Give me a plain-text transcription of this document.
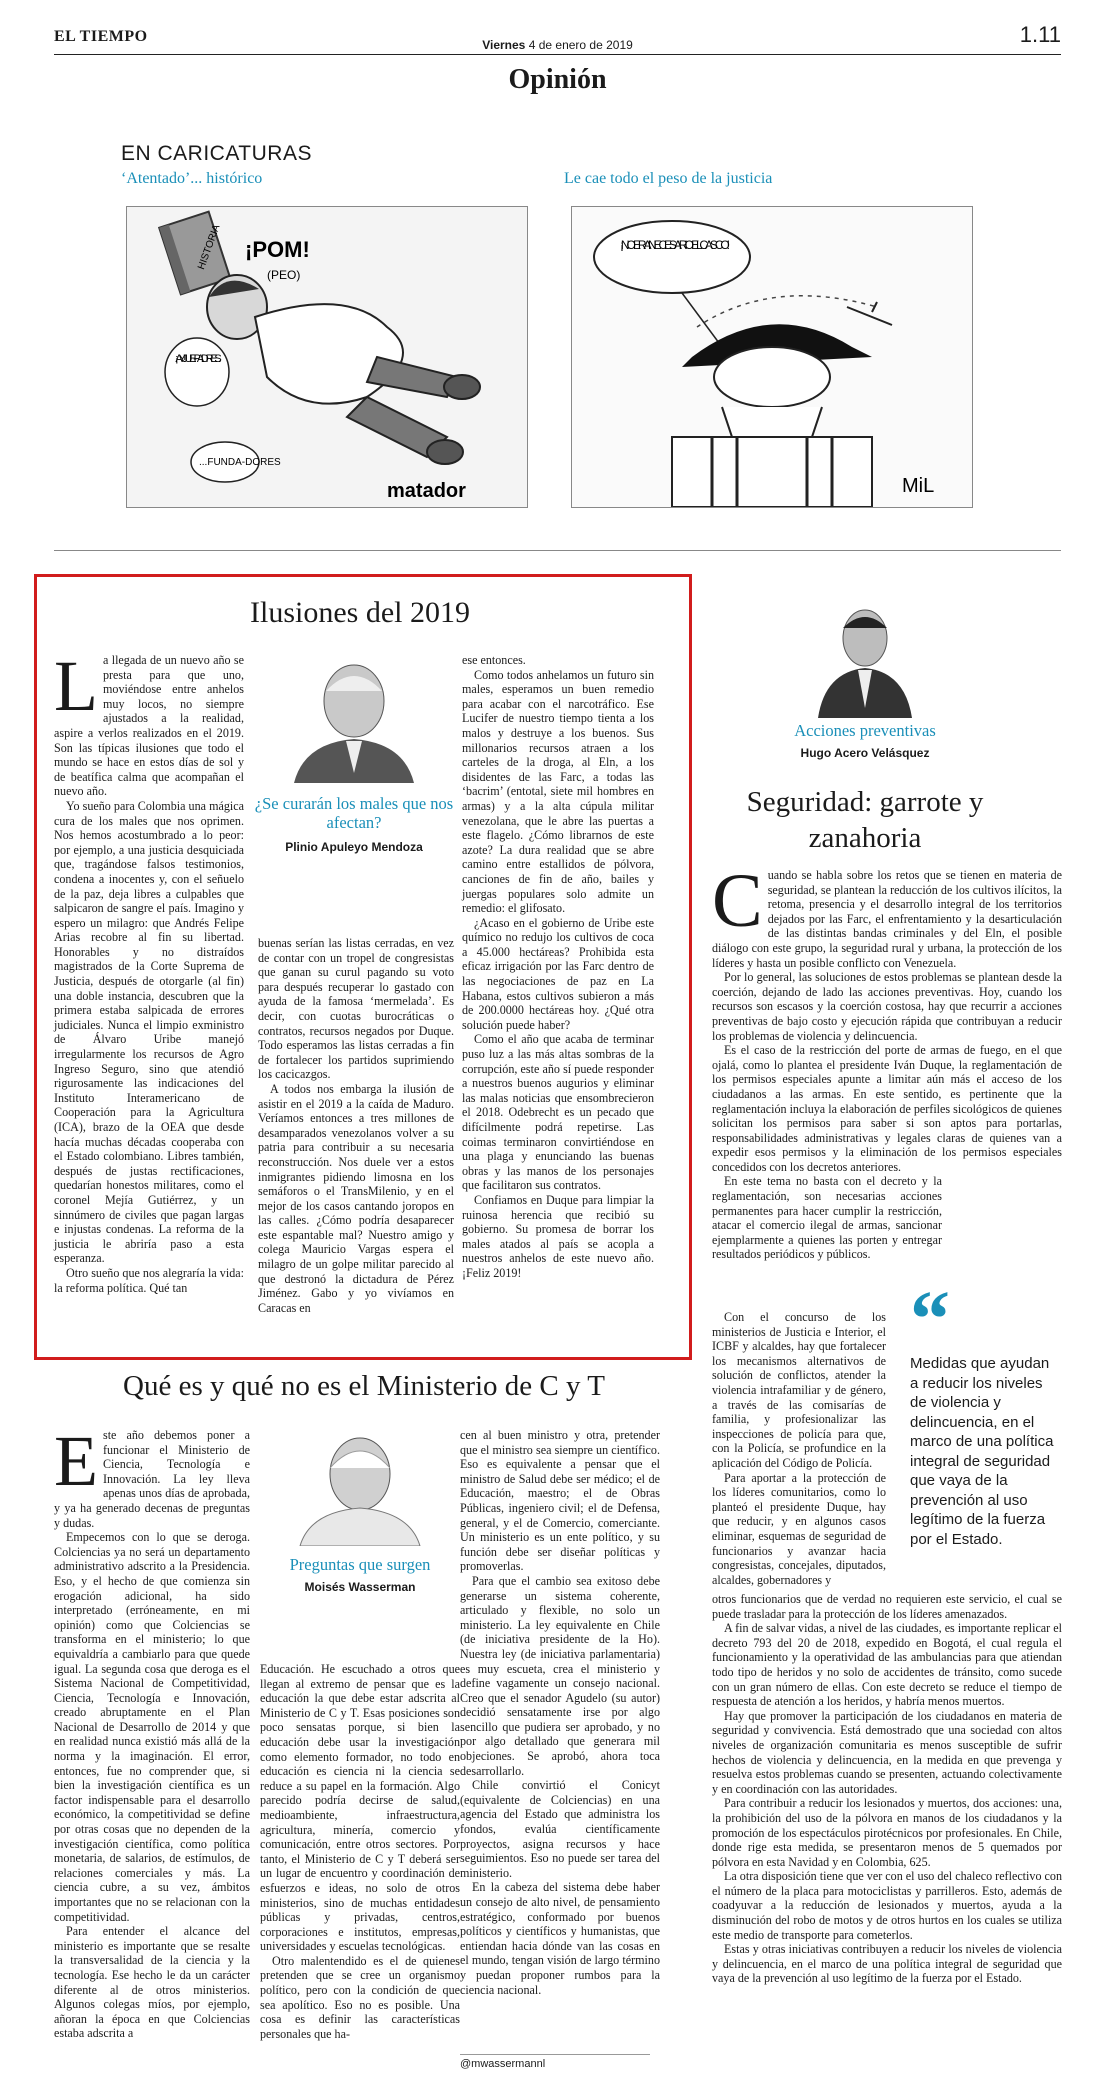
EL TIEMPO	Viernes 4 de enero de 2019	1.11
Opinión
EN CARICATURAS
‘Atentado’... histórico	Le cae todo el peso de la justicia
HISTORIA ¡POM!
(PEO)
¡AY! JUE-PADRES...
...FUNDA-DORES
matador
¡NO ERA NECESARIO EL CASCO!
MiL
Ilusiones del 2019

La llegada de un nuevo año se presta para que uno, moviéndose entre anhelos muy locos, no siempre ajustados a la realidad, aspire a verlos realizados en el 2019. Son las típicas ilusiones que todo el mundo se hace en estos días de sol y de beatífica calma que acompañan el nuevo año.

Yo sueño para Colombia una mágica cura de los males que nos oprimen. Nos hemos acostumbrado a lo peor: por ejemplo, a una justicia desquiciada que, tragándose falsos testimonios, condena a inocentes y, con el señuelo de la paz, deja libres a culpables que salpicaron de sangre el país. Imagino y espero un milagro: que Andrés Felipe Arias recobre al fin su libertad. Honorables y no distraídos magistrados de la Corte Suprema de Justicia, después de otorgarle (al fin) una doble instancia, descubren que la primera estaba salpicada de errores judiciales. Nunca el limpio exministro de Álvaro Uribe manejó irregularmente los recursos de Agro Ingreso Seguro, sino que atendió rigurosamente las indicaciones del Instituto Interamericano de Cooperación para la Agricultura (ICA), brazo de la OEA que desde hacía muchas décadas cooperaba con el Estado colombiano. Libres también, después de justas rectificaciones, quedarían honestos militares, como el coronel Mejía Gutiérrez, y un sinnúmero de civiles que pagan largas e injustas condenas. La reforma de la justicia le abriría paso a esta esperanza.

Otro sueño que nos alegraría la vida: la reforma política. Qué tan

¿Se curarán los males que nos afectan?
Plinio Apuleyo Mendoza

buenas serían las listas cerradas, en vez de contar con un tropel de congresistas que ganan su curul pagando su voto para después recuperar lo gastado con ayuda de la famosa ‘mermelada’. Es decir, con cuotas burocráticas o contratos, recursos negados por Duque. Todo esperamos las listas cerradas a fin de fortalecer los partidos suprimiendo los cacicazgos.

A todos nos embarga la ilusión de asistir en el 2019 a la caída de Maduro. Veríamos entonces a tres millones de desamparados venezolanos volver a su patria para contribuir a su necesaria reconstrucción. Nos duele ver a estos inmigrantes pidiendo limosna en los semáforos o el TransMilenio, y en el mejor de los casos cantando joropos en las calles. ¿Cómo podría desaparecer este espantable mal? Nuestro amigo y colega Mauricio Vargas espera el milagro de un golpe militar parecido al que destronó la dictadura de Pérez Jiménez. Gabo y yo vivíamos en Caracas en

ese entonces.

Como todos anhelamos un futuro sin males, esperamos un buen remedio para acabar con el narcotráfico. Ese Lucifer de nuestro tiempo tienta a los malos y destruye a los buenos. Sus millonarios recursos atraen a los carteles de la droga, al Eln, a los disidentes de las Farc, a todas las ‘bacrim’ (entotal, siete mil hombres en armas) y a la alta cúpula militar venezolana, que le abre las puertas a este flagelo. ¿Cómo librarnos de este azote? La dura realidad que se abre camino entre estallidos de pólvora, canciones de fin de año, bailes y juergas populares solo admite un remedio: el glifosato.

¿Acaso en el gobierno de Uribe este químico no redujo los cultivos de coca a 45.000 hectáreas? Prohibida esta eficaz irrigación por las Farc dentro de las negociaciones de paz en La Habana, estos cultivos subieron a más de 200.0000 hectáreas hoy. ¿Qué otra solución puede haber?

Como el año que acaba de terminar puso luz a las más altas sombras de la corrupción, este año sí puede responder a nuestros buenos augurios y eliminar las malas noticias que ensombrecieron el 2018. Odebrecht es un pecado que difícilmente podrá repetirse. Las coimas terminaron convirtiéndose en una plaga y enunciando las buenas obras y las manos de los personajes que facilitaron sus contratos.

Confiamos en Duque para limpiar la ruinosa herencia que recibió su gobierno. Su promesa de borrar los males atados al país se acopla a nuestros anhelos de este nuevo año. ¡Feliz 2019!

Acciones preventivas
Hugo Acero Velásquez
Seguridad: garrote y zanahoria

Cuando se habla sobre los retos que se tienen en materia de seguridad, se plantean la reducción de los cultivos ilícitos, la retoma, presencia y el desarrollo integral de los territorios dejados por las Farc, el enfrentamiento y la desarticulación de las distintas bandas criminales y del Eln, el posible diálogo con este grupo, la seguridad rural y urbana, la protección de los líderes y hasta un posible conflicto con Venezuela.

Por lo general, las soluciones de estos problemas se plantean desde la coerción, dejando de lado las acciones preventivas. Hoy, cuando los recursos son escasos y la coerción costosa, hay que recurrir a acciones preventivas de bajo costo y ejecución rápida que contribuyan a reducir los problemas de violencia y delincuencia.

Es el caso de la restricción del porte de armas de fuego, en el que ojalá, como lo plantea el presidente Iván Duque, la reglamentación de los permisos especiales apunte a limitar aún más el acceso de los ciudadanos a las armas. En este sentido, es pertinente que la reglamentación incluya la elaboración de perfiles sicológicos de quienes solicitan los permisos para saber si son aptos para portarlas, responsabilidades administrativas y legales claras de quienes van a expedir esos permisos y la eliminación de los permisos especiales concedidos con los decretos anteriores.

En este tema no basta con el decreto y la reglamentación, son necesarias acciones permanentes para hacer cumplir la restricción, atacar el comercio ilegal de armas, sancionar ejemplarmente a quienes las porten y entregar resultados periódicos y públicos.

Con el concurso de los ministerios de Justicia e Interior, el ICBF y alcaldes, hay que fortalecer los mecanismos alternativos de solución de conflictos, atender la violencia intrafamiliar y de género, a través de las comisarías de familia, y profesionalizar las inspecciones de policía para que, con la Policía, se profundice en la aplicación del Código de Policía.

Para aportar a la protección de los líderes comunitarios, como lo planteó el presidente Duque, hay que reducir, y en algunos casos eliminar, esquemas de seguridad de funcionarios y avanzar hacia congresistas, concejales, diputados, alcaldes, gobernadores y

“
Medidas que ayudan a reducir los niveles de violencia y delincuencia, en el marco de una política integral de seguridad que vaya de la prevención al uso legítimo de la fuerza por el Estado.

otros funcionarios que de verdad no requieren este servicio, el cual se puede trasladar para la protección de los líderes amenazados.

A fin de salvar vidas, a nivel de las ciudades, es importante replicar el decreto 793 del 20 de 2018, expedido en Bogotá, el cual regula el funcionamiento y la operatividad de las ambulancias para que atiendan todo tipo de heridos y no solo de accidentes de tránsito, como sucede con un gran número de ellas. Con este decreto se reduce el tiempo de respuesta de atención a los heridos, y habría menos muertos.

Hay que promover la participación de los ciudadanos en materia de seguridad y convivencia. Está demostrado que una sociedad con altos niveles de organización comunitaria es menos susceptible de sufrir hechos de violencia y delincuencia, en la medida en que prevenga y resuelva estos problemas cuando se presenten, actuando colectivamente y en coordinación con las autoridades.

Para contribuir a reducir los lesionados y muertos, dos acciones: una, la prohibición del uso de la pólvora en manos de los ciudadanos y la promoción de los espectáculos pirotécnicos por profesionales. En Chile, donde rige esta medida, se presentaron menos de 5 quemados por pólvora en esta Navidad y en Colombia, 625.

La otra disposición tiene que ver con el uso del chaleco reflectivo con el número de la placa para motociclistas y parrilleros. Esto, además de coadyuvar a la reducción de lesionados y muertos, ayuda a la disminución del robo de motos y de otros hurtos en los cuales se utiliza este medio de transporte para cometerlos.

Estas y otras iniciativas contribuyen a reducir los niveles de violencia y delincuencia, en el marco de una política integral de seguridad que vaya de la prevención al uso legítimo de la fuerza por el Estado.

Qué es y qué no es el Ministerio de C y T

Este año debemos poner a funcionar el Ministerio de Ciencia, Tecnología e Innovación. La ley lleva apenas unos días de aprobada, y ya ha generado decenas de preguntas y dudas.

Empecemos con lo que se deroga. Colciencias ya no será un departamento administrativo adscrito a la Presidencia. Eso, y el hecho de que comienza sin erogación adicional, ha sido interpretado (erróneamente, en mi opinión) como que Colciencias se transforma en el ministerio; lo que equivaldría a cambiarlo para que quede igual. La segunda cosa que deroga es el Sistema Nacional de Competitividad, Ciencia, Tecnología e Innovación, creado abruptamente en el Plan Nacional de Desarrollo de 2014 y que en realidad nunca existió más allá de la norma y la imaginación. El error, entonces, fue no comprender que, si bien la investigación científica es un factor indispensable para el desarrollo económico, la competitividad se define por otras cosas que no dependen de la investigación científica, como política monetaria, de salarios, de estímulos, de relaciones comerciales y más. La ciencia cubre, a su vez, ámbitos importantes que no se relacionan con la competitividad.

Para entender el alcance del ministerio es importante que se resalte la transversalidad de la ciencia y la tecnología. Ese hecho le da un carácter diferente al de otros ministerios. Algunos colegas míos, por ejemplo, añoran la época en que Colciencias estaba adscrita a

Preguntas que surgen
Moisés Wasserman

Educación. He escuchado a otros que llegan al extremo de pensar que es la educación la que debe estar adscrita al Ministerio de C y T. Esas posiciones son poco sensatas porque, si bien la educación debe usar la investigación como elemento formador, no todo en educación es ciencia ni la ciencia se reduce a su papel en la formación. Algo parecido podría decirse de salud, medioambiente, infraestructura, agricultura, minería, comercio y comunicación, entre otros sectores. Por tanto, el Ministerio de C y T deberá ser un lugar de encuentro y coordinación de esfuerzos e ideas, no solo de otros ministerios, sino de muchas entidades públicas y privadas, centros, corporaciones e institutos, empresas, universidades y escuelas tecnológicas.

Otro malentendido es el de quienes pretenden que se cree un organismo político, pero con la condición de que sea apolítico. Eso no es posible. Una cosa es definir las características personales que ha-

cen al buen ministro y otra, pretender que el ministro sea siempre un científico. Eso es equivalente a pensar que el ministro de Salud debe ser médico; el de Educación, maestro; el de Obras Públicas, ingeniero civil; el de Defensa, general, y el de Comercio, comerciante. Un ministerio es un ente político, y su función debe ser diseñar políticas y promoverlas.

Para que el cambio sea exitoso debe generarse un sistema coherente, articulado y flexible, no solo un ministerio. La ley equivalente en Chile (de iniciativa presidente de la Ho). Nuestra ley (de iniciativa parlamentaria) es muy escueta, crea el ministerio y define vagamente un consejo nacional. Creo que el senador Agudelo (su autor) decidió sensatamente irse por algo sencillo que pudiera ser aprobado, y no por algo detallado que generara mil objeciones. Se aprobó, ahora toca desarrollarlo.

Chile convirtió el Conicyt (equivalente de Colciencias) en una agencia del Estado que administra los fondos, evalúa científicamente proyectos, asigna recursos y hace seguimientos. Eso no puede ser tarea del ministerio.

En la cabeza del sistema debe haber un consejo de alto nivel, de pensamiento estratégico, conformado por buenos políticos y científicos y humanistas, que entiendan hacia dónde van las cosas en el mundo, tengan visión de largo término y puedan proponer rumbos para la ciencia nacional.

@mwassermannl
